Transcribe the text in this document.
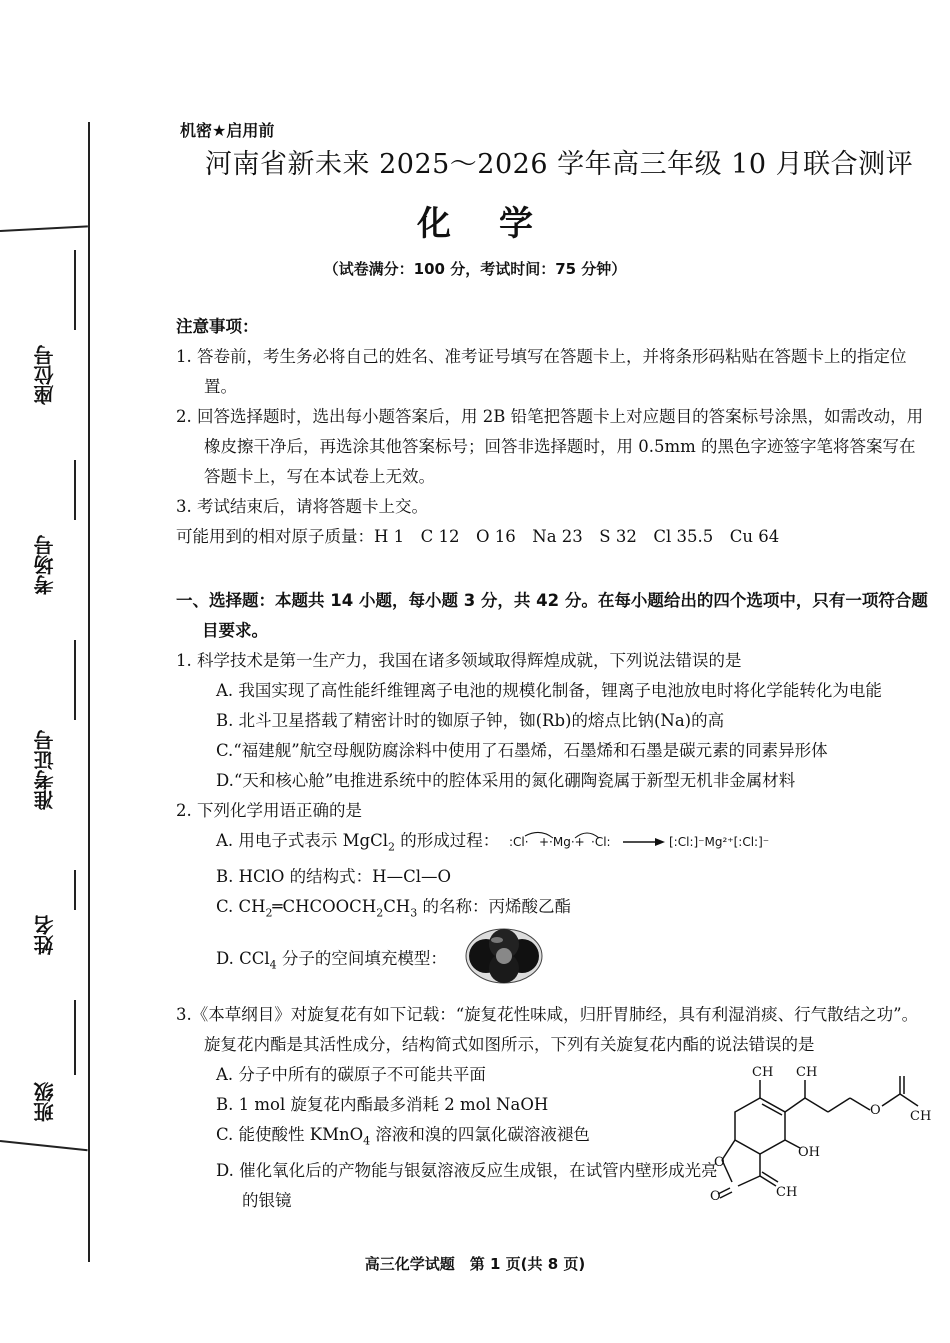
座位号
考场号
准考证号
姓名
班级
机密★启用前
河南省新未来 2025～2026 学年高三年级 10 月联合测评
化学
（试卷满分：100 分，考试时间：75 分钟）
注意事项：
1. 答卷前，考生务必将自己的姓名、准考证号填写在答题卡上，并将条形码粘贴在答题卡上的指定位置。
2. 回答选择题时，选出每小题答案后，用 2B 铅笔把答题卡上对应题目的答案标号涂黑，如需改动，用橡皮擦干净后，再选涂其他答案标号；回答非选择题时，用 0.5mm 的黑色字迹签字笔将答案写在答题卡上，写在本试卷上无效。
3. 考试结束后，请将答题卡上交。
可能用到的相对原子质量：H 1　C 12　O 16　Na 23　S 32　Cl 35.5　Cu 64
一、选择题：本题共 14 小题，每小题 3 分，共 42 分。在每小题给出的四个选项中，只有一项符合题目要求。
1. 科学技术是第一生产力，我国在诸多领域取得辉煌成就，下列说法错误的是
A. 我国实现了高性能纤维锂离子电池的规模化制备，锂离子电池放电时将化学能转化为电能
B. 北斗卫星搭载了精密计时的铷原子钟，铷(Rb)的熔点比钠(Na)的高
C.“福建舰”航空母舰防腐涂料中使用了石墨烯，石墨烯和石墨是碳元素的同素异形体
D.“天和核心舱”电推进系统中的腔体采用的氮化硼陶瓷属于新型无机非金属材料
2. 下列化学用语正确的是
A. 用电子式表示 MgCl$_2$ 的形成过程： :Cl· +·Mg·+ ·Cl:	[:Cl:]⁻Mg²⁺[:Cl:]⁻
B. HClO 的结构式：H—Cl—O
C. $CH_2═CHCOOCH_2CH_3$ 的名称：丙烯酸乙酯
D. CCl$_4$ 分子的空间填充模型：
3.《本草纲目》对旋复花有如下记载：“旋复花性味咸，归肝胃肺经，具有利湿消痰、行气散结之功”。旋复花内酯是其活性成分，结构简式如图所示，下列有关旋复花内酯的说法错误的是
A. 分子中所有的碳原子不可能共平面
B. 1 mol 旋复花内酯最多消耗 2 mol NaOH
C. 能使酸性 KMnO$_4$ 溶液和溴的四氯化碳溶液褪色
D. 催化氧化后的产物能与银氨溶液反应生成银，在试管内壁形成光亮的银镜
CH CH
OH
O
O
O
CH
CH
高三化学试题　第 1 页(共 8 页)
